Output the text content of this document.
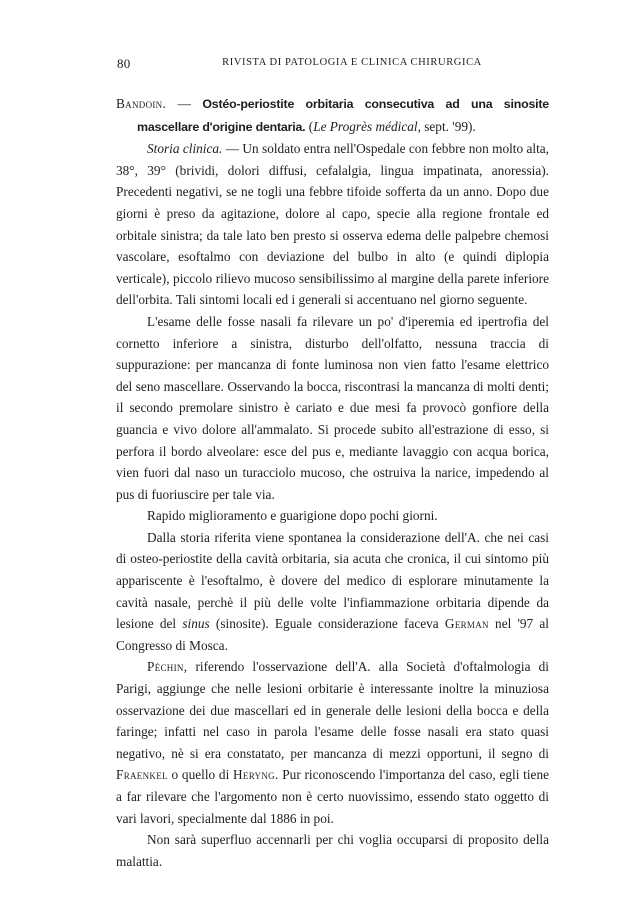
80	RIVISTA DI PATOLOGIA E CLINICA CHIRURGICA

Bandoin. — Ostéo-periostite orbitaria consecutiva ad una sinosite mascellare d'origine dentaria. (Le Progrès médical, sept. '99).

Storia clinica. — Un soldato entra nell'Ospedale con febbre non molto alta, 38°, 39° (brividi, dolori diffusi, cefalalgia, lingua impatinata, anoressia). Precedenti negativi, se ne togli una febbre tifoide sofferta da un anno. Dopo due giorni è preso da agitazione, dolore al capo, specie alla regione frontale ed orbitale sinistra; da tale lato ben presto si osserva edema delle palpebre chemosi vascolare, esoftalmo con deviazione del bulbo in alto (e quindi diplopia verticale), piccolo rilievo mucoso sensibilissimo al margine della parete inferiore dell'orbita. Tali sintomi locali ed i generali si accentuano nel giorno seguente.

L'esame delle fosse nasali fa rilevare un po' d'iperemia ed ipertrofia del cornetto inferiore a sinistra, disturbo dell'olfatto, nessuna traccia di suppurazione: per mancanza di fonte luminosa non vien fatto l'esame elettrico del seno mascellare. Osservando la bocca, riscontrasi la mancanza di molti denti; il secondo premolare sinistro è cariato e due mesi fa provocò gonfiore della guancia e vivo dolore all'ammalato. Si procede subito all'estrazione di esso, si perfora il bordo alveolare: esce del pus e, mediante lavaggio con acqua borica, vien fuori dal naso un turacciolo mucoso, che ostruiva la narice, impedendo al pus di fuoriuscire per tale via.

Rapido miglioramento e guarigione dopo pochi giorni.

Dalla storia riferita viene spontanea la considerazione dell'A. che nei casi di osteo-periostite della cavità orbitaria, sia acuta che cronica, il cui sintomo più appariscente è l'esoftalmo, è dovere del medico di esplorare minutamente la cavità nasale, perchè il più delle volte l'infiammazione orbitaria dipende da lesione del sinus (sinosite). Eguale considerazione faceva German nel '97 al Congresso di Mosca.

Péchin, riferendo l'osservazione dell'A. alla Società d'oftalmologia di Parigi, aggiunge che nelle lesioni orbitarie è interessante inoltre la minuziosa osservazione dei due mascellari ed in generale delle lesioni della bocca e della faringe; infatti nel caso in parola l'esame delle fosse nasali era stato quasi negativo, nè si era constatato, per mancanza di mezzi opportuni, il segno di Fraenkel o quello di Heryng. Pur riconoscendo l'importanza del caso, egli tiene a far rilevare che l'argomento non è certo nuovissimo, essendo stato oggetto di vari lavori, specialmente dal 1886 in poi.

Non sarà superfluo accennarli per chi voglia occuparsi di proposito della malattia.
